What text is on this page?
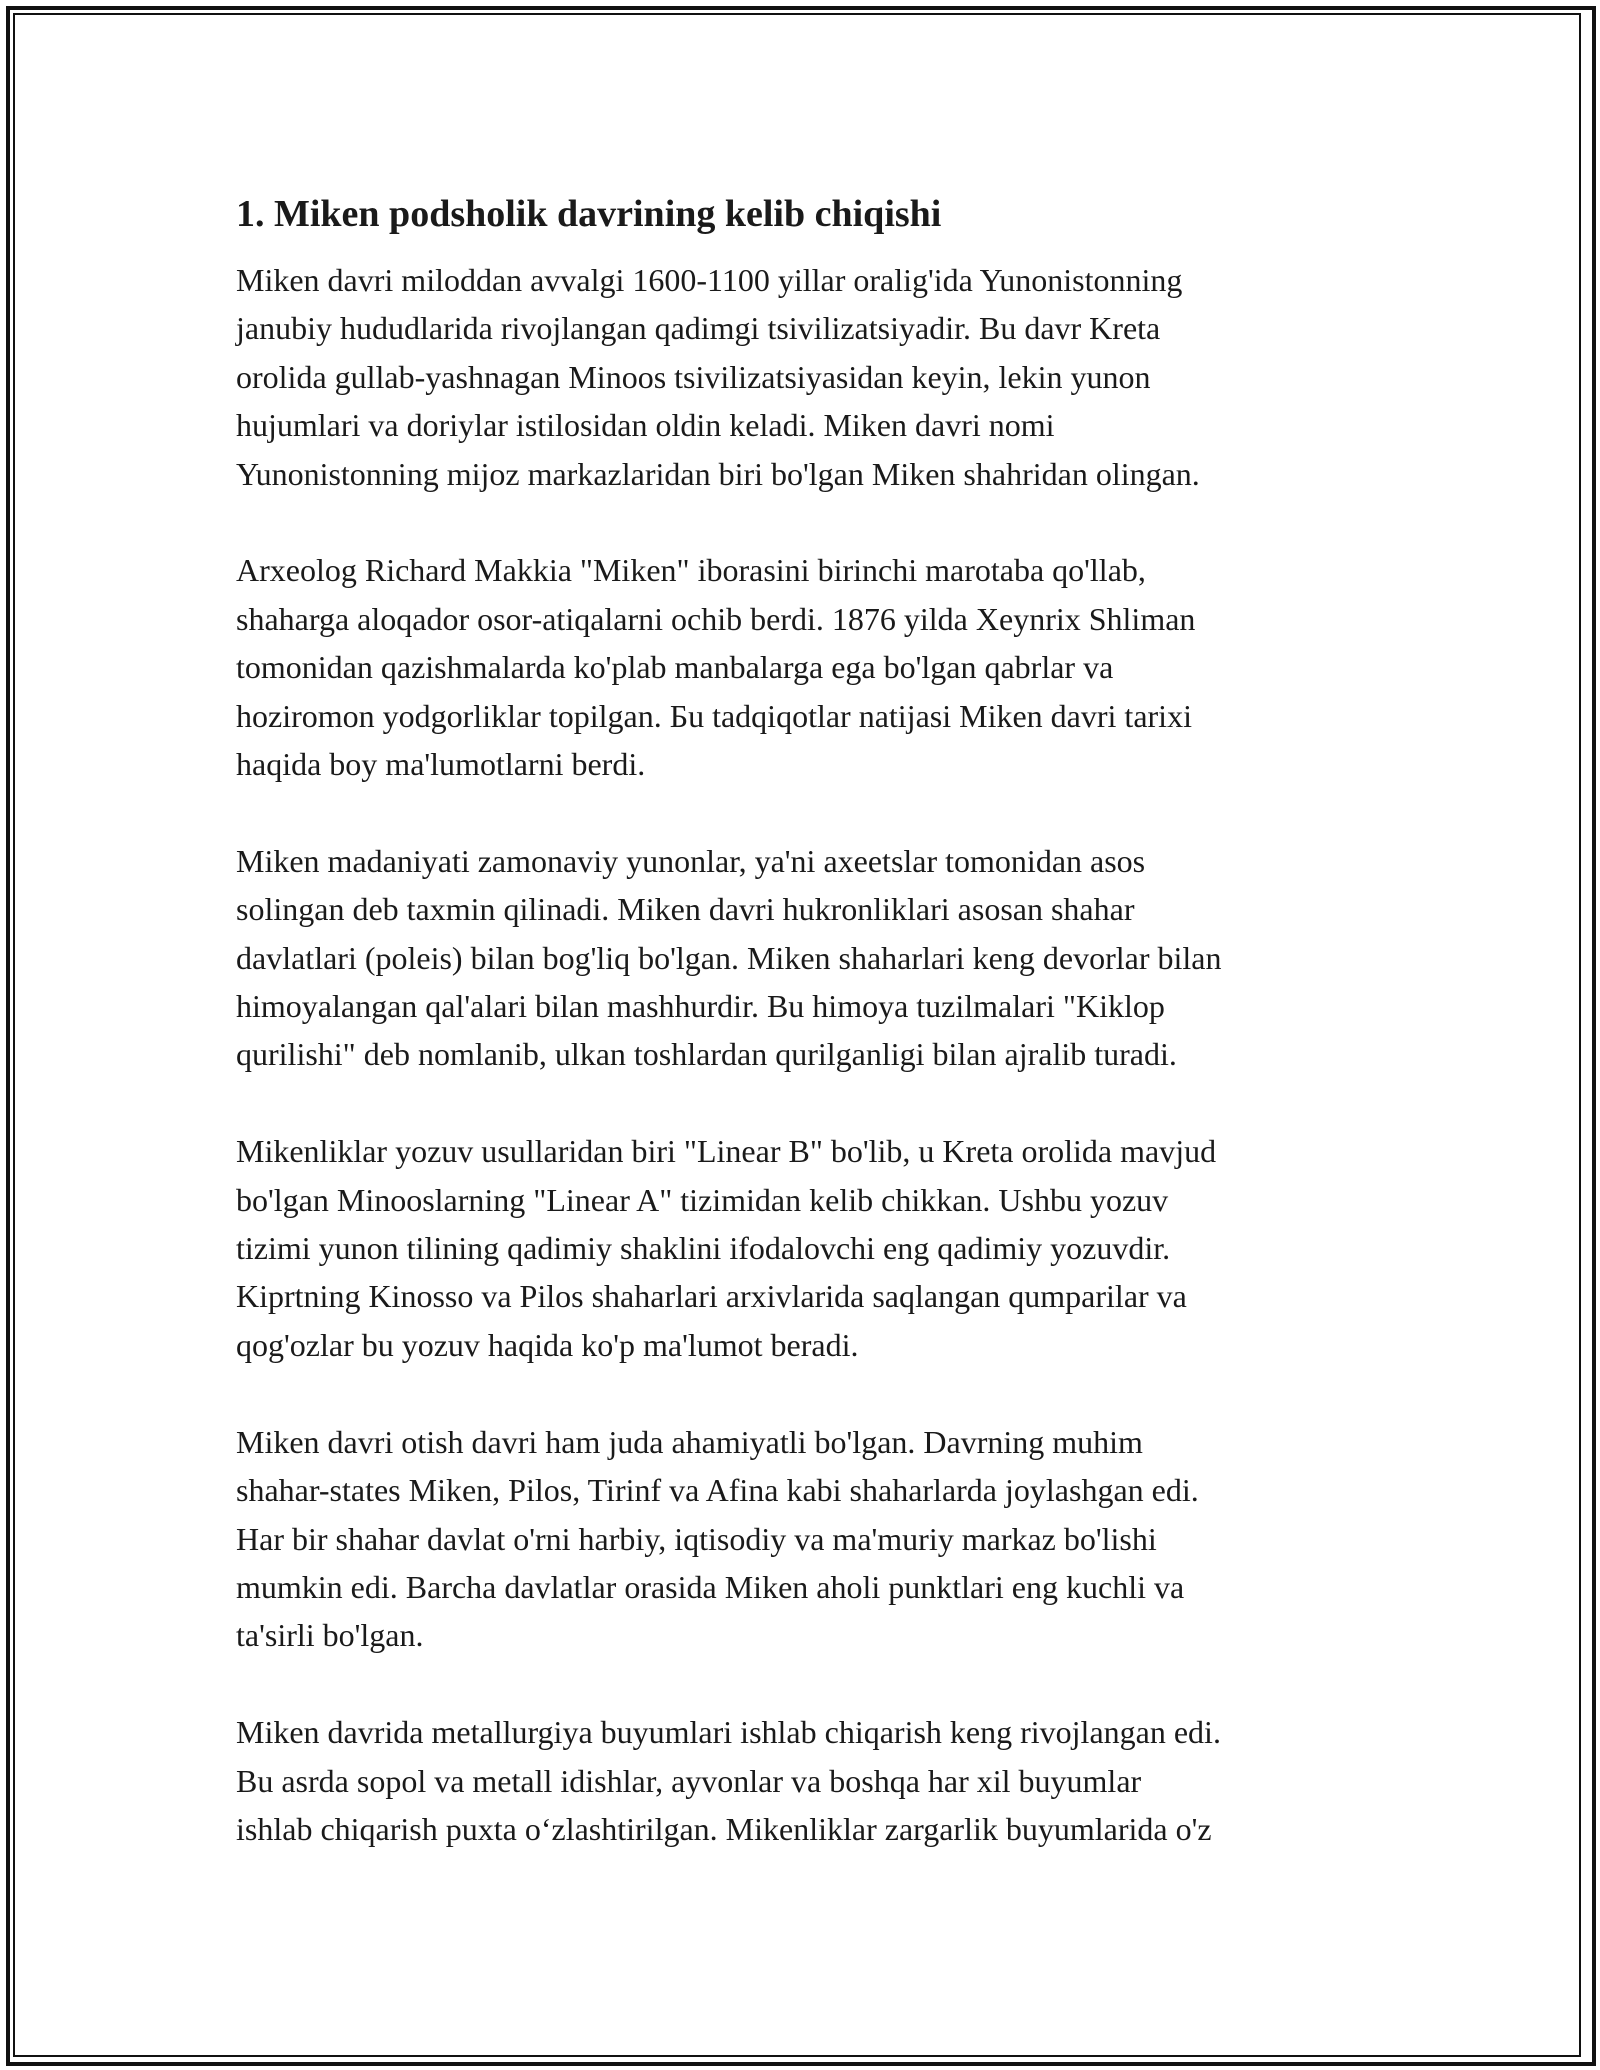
1. Miken podsholik davrining kelib chiqishi
Miken davri miloddan avvalgi 1600-1100 yillar oralig'ida Yunonistonning
janubiy hududlarida rivojlangan qadimgi tsivilizatsiyadir. Bu davr Kreta
orolida gullab-yashnagan Minoos tsivilizatsiyasidan keyin, lekin yunon
hujumlari va doriylar istilosidan oldin keladi. Miken davri nomi
Yunonistonning mijoz markazlaridan biri bo'lgan Miken shahridan olingan.
Arxeolog Richard Makkia "Miken" iborasini birinchi marotaba qo'llab,
shaharga aloqador osor-atiqalarni ochib berdi. 1876 yilda Xeynrix Shliman
tomonidan qazishmalarda ko'plab manbalarga ega bo'lgan qabrlar va
hoziromon yodgorliklar topilgan. Бu tadqiqotlar natijasi Miken davri tarixi
haqida boy ma'lumotlarni berdi.
Miken madaniyati zamonaviy yunonlar, ya'ni axeetslar tomonidan asos
solingan deb taxmin qilinadi. Miken davri hukronliklari asosan shahar
davlatlari (poleis) bilan bog'liq bo'lgan. Miken shaharlari keng devorlar bilan
himoyalangan qal'alari bilan mashhurdir. Bu himoya tuzilmalari "Kiklop
qurilishi" deb nomlanib, ulkan toshlardan qurilganligi bilan ajralib turadi.
Mikenliklar yozuv usullaridan biri "Linear B" bo'lib, u Kreta orolida mavjud
bo'lgan Minooslarning "Linear A" tizimidan kelib chikkan. Ushbu yozuv
tizimi yunon tilining qadimiy shaklini ifodalovchi eng qadimiy yozuvdir.
Kiprtning Kinosso va Pilos shaharlari arxivlarida saqlangan qumparilar va
qog'ozlar bu yozuv haqida ko'p ma'lumot beradi.
Miken davri otish davri ham juda ahamiyatli bo'lgan. Davrning muhim
shahar-states Miken, Pilos, Tirinf va Afina kabi shaharlarda joylashgan edi.
Har bir shahar davlat o'rni harbiy, iqtisodiy va ma'muriy markaz bo'lishi
mumkin edi. Barcha davlatlar orasida Miken aholi punktlari eng kuchli va
ta'sirli bo'lgan.
Miken davrida metallurgiya buyumlari ishlab chiqarish keng rivojlangan edi.
Bu asrda sopol va metall idishlar, ayvonlar va boshqa har xil buyumlar
ishlab chiqarish puxta o‘zlashtirilgan. Mikenliklar zargarlik buyumlarida o'z
